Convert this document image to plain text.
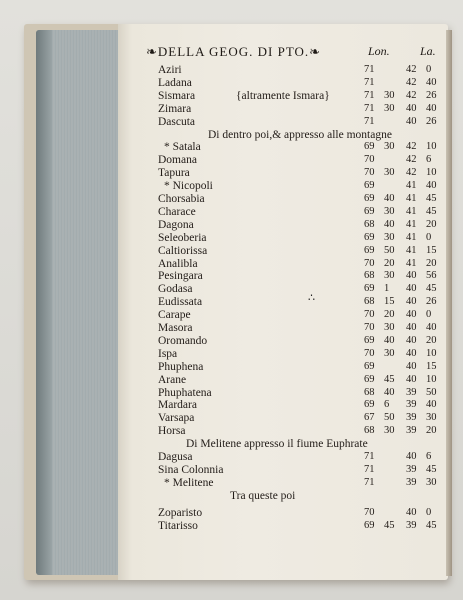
❧DELLA GEOG. DI PTO.❧	Lon.	La.
Aziri	71	42 0
Ladana	71	42 40
Sismara	{altramente Ismara}	71 30 42 26
Zimara	71 30 40 40
Dascuta	71	40 26
Di dentro poi,& appresso alle montagne
* Satala	69 30 42 10
Domana	70	42 6
Tapura	70 30 42 10
* Nicopoli	69	41 40
Chorsabia	69 40 41 45
Charace	69 30 41 45
Dagona	68 40 41 20
Seleoberia	69 30 41 0
Caltiorissa	69 50 41 15
Analibla	70 20 41 20
Pesingara	68 30 40 56
Godasa	69 1 40 45
Eudissata	68 15 40 26
Carape	70 20 40 0
Masora	70 30 40 40
Oromando	69 40 40 20
Ispa	70 30 40 10
Phuphena	69	40 15
Arane	69 45 40 10
Phuphatena	68 40 39 50
Mardara	69 6 39 40
Varsapa	67 50 39 30
Horsa	68 30 39 20
Di Melitene appresso il fiume Euphrate
Dagusa	71	40 6
Sina Colonnia	71	39 45
* Melitene	71	39 30
Tra queste poi
Zoparisto	70	40 0
Titarisso	69 45 39 45
∴
